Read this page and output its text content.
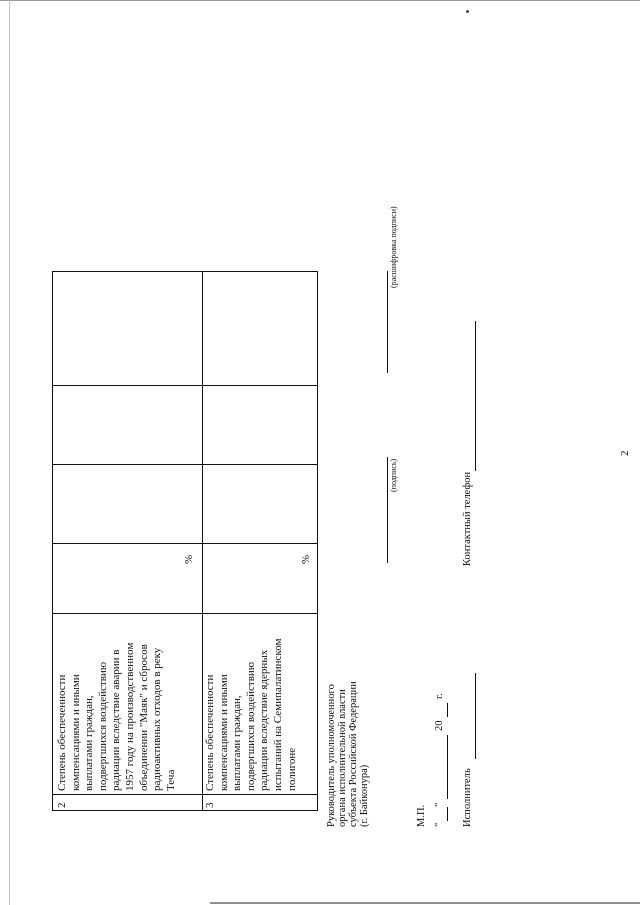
2
2
Степень обеспеченности компенсациями и иными выплатами граждан, подвергшихся воздействию радиации вследствие аварии в 1957 году на производственном объединении "Маяк" и сбросов радиоактивных отходов в реку Теча
%
3
Степень обеспеченности компенсациями и иными выплатами граждан, подвергшихся воздействию радиации вследствие ядерных испытаний на Семипалатинском полигоне
%
Руководитель уполномоченного органа исполнительной власти субъекта Российской Федерации (г. Байконура)
(подпись)
(расшифровка подписи)
М.П. "
"
20
г.
Исполнитель
Контактный телефон
